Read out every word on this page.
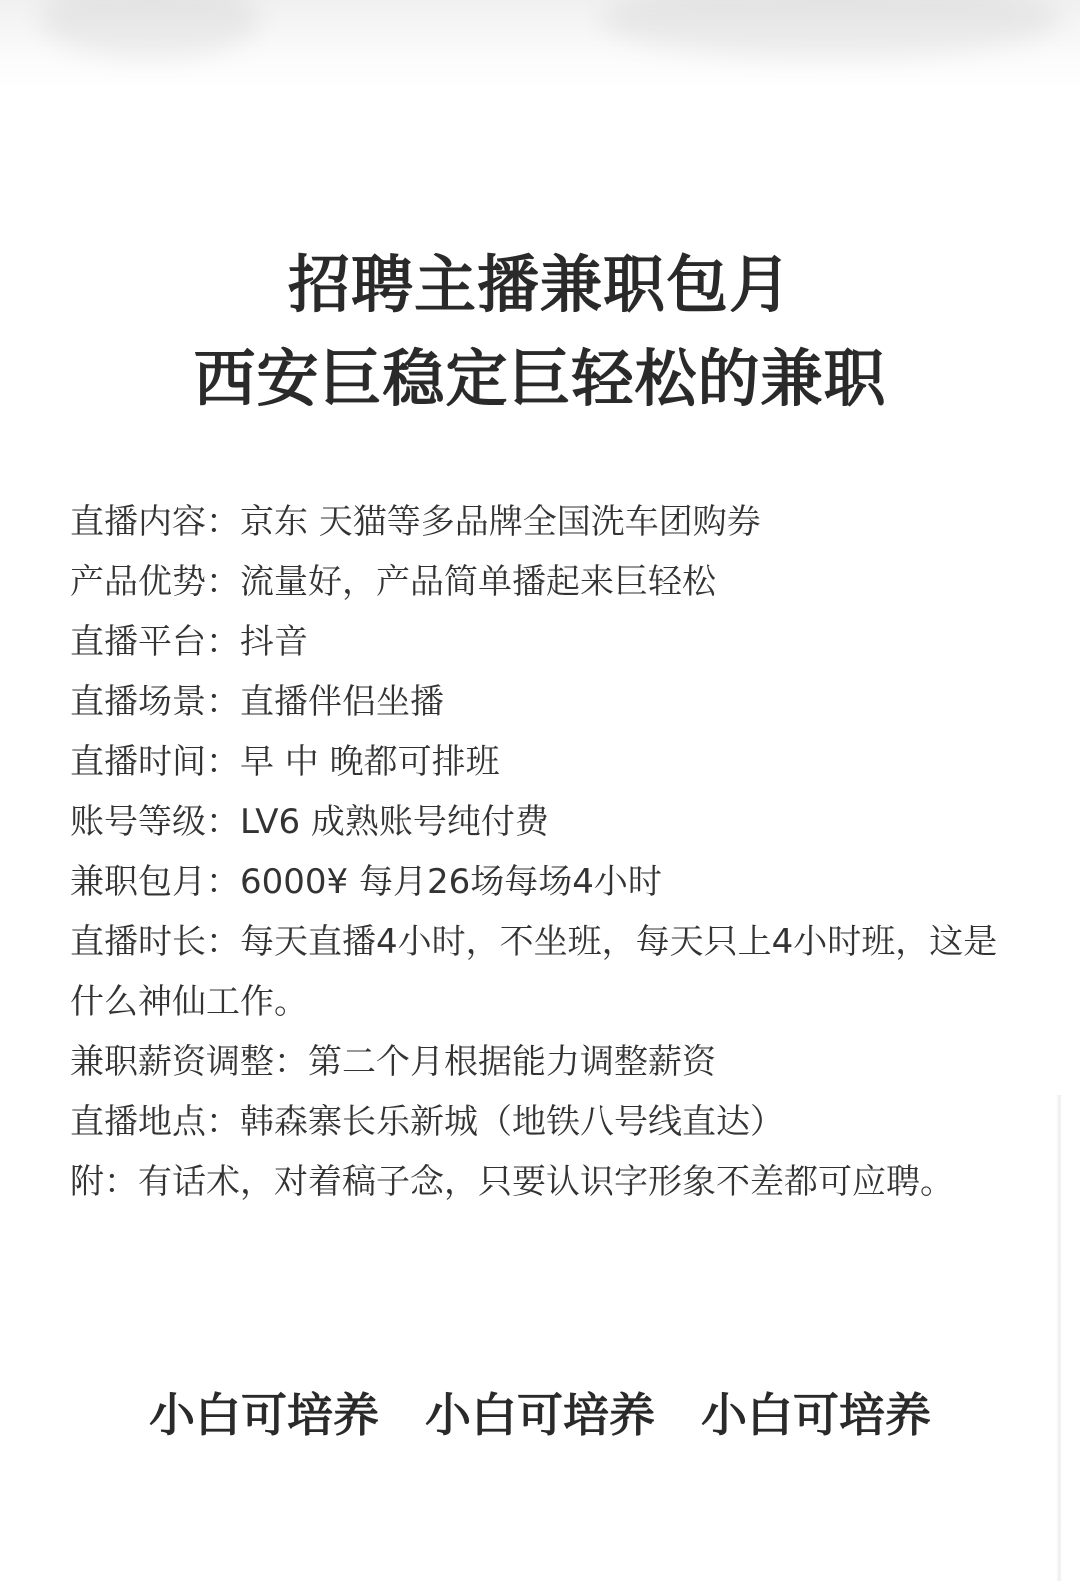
招聘主播兼职包月
西安巨稳定巨轻松的兼职

直播内容：京东 天猫等多品牌全国洗车团购券

产品优势：流量好，产品简单播起来巨轻松

直播平台：抖音

直播场景：直播伴侣坐播

直播时间：早 中 晚都可排班

账号等级：LV6 成熟账号纯付费

兼职包月：6000¥ 每月26场每场4小时

直播时长：每天直播4小时，不坐班，每天只上4小时班，这是什么神仙工作。

兼职薪资调整：第二个月根据能力调整薪资

直播地点：韩森寨长乐新城（地铁八号线直达）

附：有话术，对着稿子念，只要认识字形象不差都可应聘。

小白可培养 小白可培养 小白可培养
